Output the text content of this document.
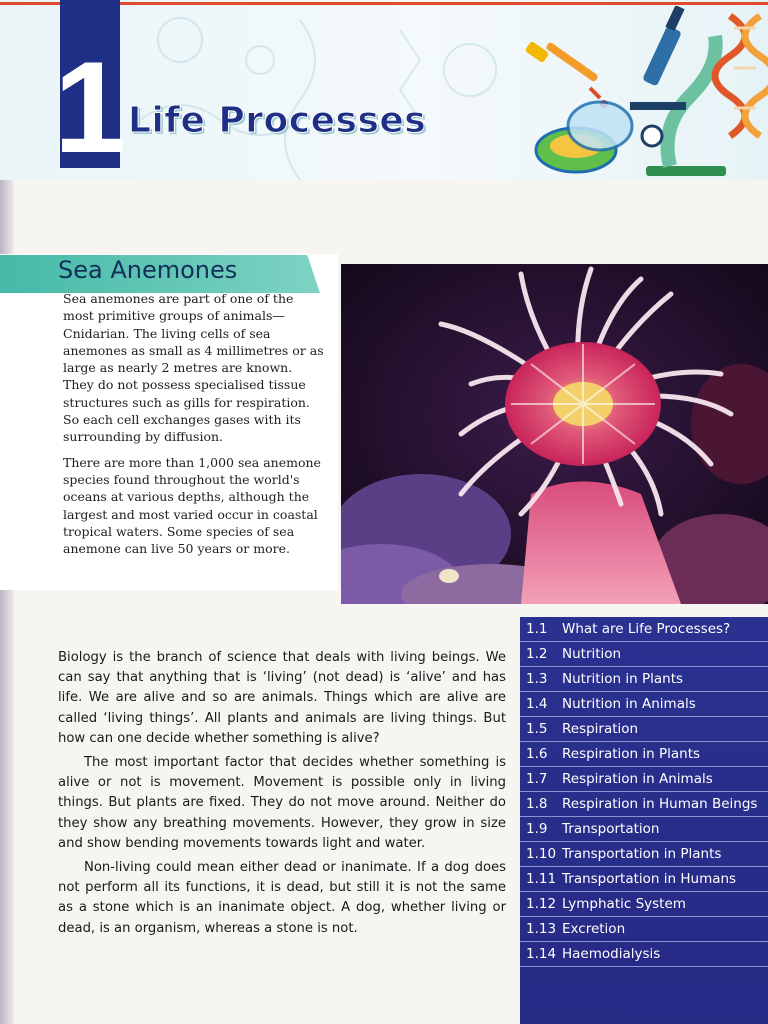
1 Life Processes
Sea Anemones

Sea anemones are part of one of the most primitive groups of animals—Cnidarian. The living cells of sea anemones as small as 4 millimetres or as large as nearly 2 metres are known. They do not possess specialised tissue structures such as gills for respiration. So each cell exchanges gases with its surrounding by diffusion.

There are more than 1,000 sea anemone species found throughout the world's oceans at various depths, although the largest and most varied occur in coastal tropical waters. Some species of sea anemone can live 50 years or more.

Biology is the branch of science that deals with living beings. We can say that anything that is ‘living’ (not dead) is ‘alive’ and has life. We are alive and so are animals. Things which are alive are called ‘living things’. All plants and animals are living things. But how can one decide whether something is alive?

The most important factor that decides whether something is alive or not is movement. Movement is possible only in living things. But plants are fixed. They do not move around. Neither do they show any breathing movements. However, they grow in size and show bending movements towards light and water.

Non-living could mean either dead or inanimate. If a dog does not perform all its functions, it is dead, but still it is not the same as a stone which is an inanimate object. A dog, whether living or dead, is an organism, whereas a stone is not.

1.1	What are Life Processes?
1.2	Nutrition
1.3	Nutrition in Plants
1.4	Nutrition in Animals
1.5	Respiration
1.6	Respiration in Plants
1.7	Respiration in Animals
1.8	Respiration in Human Beings
1.9	Transportation
1.10 Transportation in Plants
1.11 Transportation in Humans
1.12 Lymphatic System
1.13 Excretion
1.14 Haemodialysis
